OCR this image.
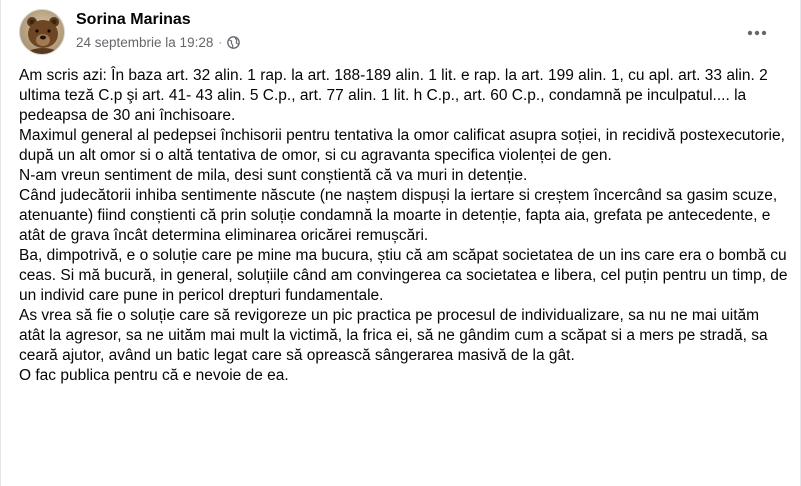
Sorina Marinas
24 septembrie la 19:28 ·

Am scris azi: În baza art. 32 alin. 1 rap. la art. 188-189 alin. 1 lit. e rap. la art. 199 alin. 1, cu apl. art. 33 alin. 2 ultima teză C.p şi art. 41- 43 alin. 5 C.p., art. 77 alin. 1 lit. h C.p., art. 60 C.p., condamnă pe inculpatul.... la pedeapsa de 30 ani închisoare.

Maximul general al pedepsei închisorii pentru tentativa la omor calificat asupra soției, in recidivă postexecutorie, după un alt omor si o altă tentativa de omor, si cu agravanta specifica violenței de gen.

N-am vreun sentiment de mila, desi sunt conștientă că va muri in detenție.

Când judecătorii inhiba sentimente născute (ne naștem dispuși la iertare si creștem încercând sa gasim scuze, atenuante) fiind conștienti că prin soluție condamnă la moarte in detenție, fapta aia, grefata pe antecedente, e atât de grava încât determina eliminarea oricărei remușcări.

Ba, dimpotrivă, e o soluție care pe mine ma bucura, știu că am scăpat societatea de un ins care era o bombă cu ceas. Si mă bucură, in general, soluțiile când am convingerea ca societatea e libera, cel puțin pentru un timp, de un individ care pune in pericol drepturi fundamentale.

As vrea să fie o soluție care să revigoreze un pic practica pe procesul de individualizare, sa nu ne mai uităm atât la agresor, sa ne uităm mai mult la victimă, la frica ei, să ne gândim cum a scăpat si a mers pe stradă, sa ceară ajutor, având un batic legat care să oprească sângerarea masivă de la gât.

O fac publica pentru că e nevoie de ea.
